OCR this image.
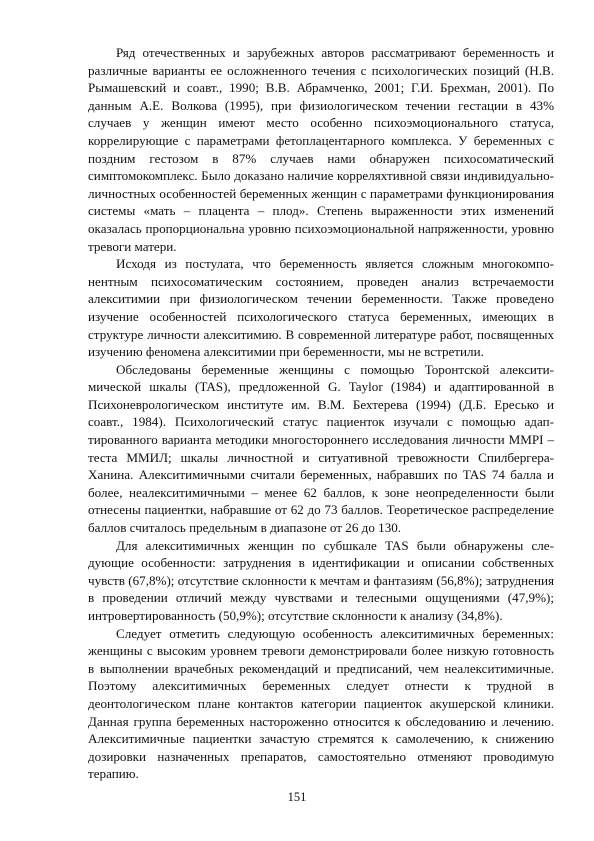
Ряд отечественных и зарубежных авторов рассматривают беременность и различные варианты ее осложненного течения с психологических позиций (Н.В. Рымашевский и соавт., 1990; В.В. Абрамченко, 2001; Г.И. Брехман, 2001). По данным А.Е. Волкова (1995), при физиологическом течении гестации в 43% случаев у женщин имеют место особенно психоэмоционального статуса, коррелирующие с параметрами фетоплацентарного комплекса. У беременных с поздним гестозом в 87% случаев нами обнаружен психосоматический симптомокомплекс. Было доказано наличие корреляхтивной связи индивидуально-личностных особенностей беременных женщин с параметрами функционирования системы «мать – плацента – плод». Степень выраженности этих изменений оказалась пропорциональна уровню психоэмоциональной напряженности, уровню тревоги матери.

Исходя из постулата, что беременность является сложным многокомпонентным психосоматическим состоянием, проведен анализ встречаемости алекситимии при физиологическом течении беременности. Также проведено изучение особенностей психологического статуса беременных, имеющих в структуре личности алекситимию. В современной литературе работ, посвященных изучению феномена алекситимии при беременности, мы не встретили.

Обследованы беременные женщины с помощью Торонтской алекситимической шкалы (TAS), предложенной G. Taylor (1984) и адаптированной в Психоневрологическом институте им. В.М. Бехтерева (1994) (Д.Б. Ересько и соавт., 1984). Психологический статус пациенток изучали с помощью адаптированного варианта методики многостороннего исследования личности MMPI – теста ММИЛ; шкалы личностной и ситуативной тревожности Спилбергера-Ханина. Алекситимичными считали беременных, набравших по TAS 74 балла и более, неалекситимичными – менее 62 баллов, к зоне неопределенности были отнесены пациентки, набравшие от 62 до 73 баллов. Теоретическое распределение баллов считалось предельным в диапазоне от 26 до 130.

Для алекситимичных женщин по субшкале TAS были обнаружены следующие особенности: затруднения в идентификации и описании собственных чувств (67,8%); отсутствие склонности к мечтам и фантазиям (56,8%); затруднения в проведении отличий между чувствами и телесными ощущениями (47,9%); интровертированность (50,9%); отсутствие склонности к анализу (34,8%).

Следует отметить следующую особенность алекситимичных беременных: женщины с высоким уровнем тревоги демонстрировали более низкую готовность в выполнении врачебных рекомендаций и предписаний, чем неалекситимичные. Поэтому алекситимичных беременных следует отнести к трудной в деонтологическом плане контактов категории пациенток акушерской клиники. Данная группа беременных настороженно относится к обследованию и лечению. Алекситимичные пациентки зачастую стремятся к самолечению, к снижению дозировки назначенных препаратов, самостоятельно отменяют проводимую терапию.

151
